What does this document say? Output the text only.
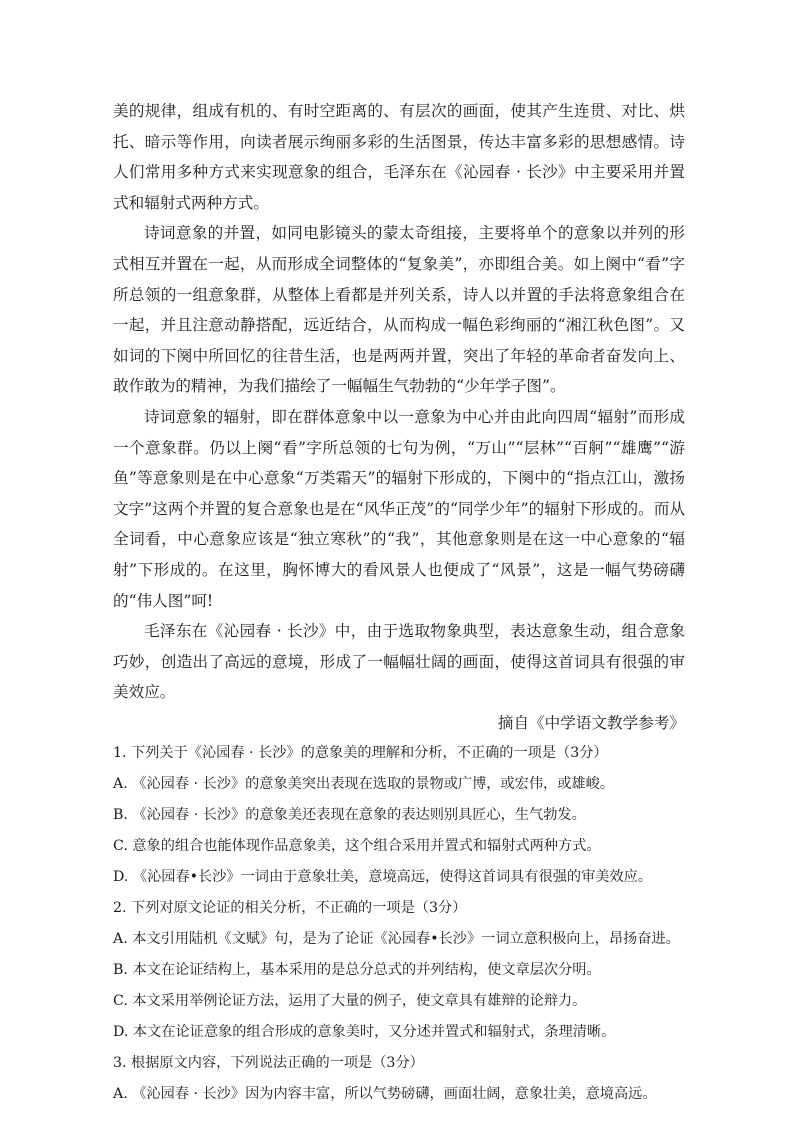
美的规律，组成有机的、有时空距离的、有层次的画面，使其产生连贯、对比、烘托、暗示等作用，向读者展示绚丽多彩的生活图景，传达丰富多彩的思想感情。诗人们常用多种方式来实现意象的组合，毛泽东在《沁园春 · 长沙》中主要采用并置式和辐射式两种方式。

诗词意象的并置，如同电影镜头的蒙太奇组接，主要将单个的意象以并列的形式相互并置在一起，从而形成全词整体的“复象美”，亦即组合美。如上阕中“看”字所总领的一组意象群，从整体上看都是并列关系，诗人以并置的手法将意象组合在一起，并且注意动静搭配，远近结合，从而构成一幅色彩绚丽的“湘江秋色图”。又如词的下阕中所回忆的往昔生活，也是两两并置，突出了年轻的革命者奋发向上、敢作敢为的精神，为我们描绘了一幅幅生气勃勃的“少年学子图”。

诗词意象的辐射，即在群体意象中以一意象为中心并由此向四周“辐射”而形成一个意象群。仍以上阕“看”字所总领的七句为例，“万山”“层林”“百舸”“雄鹰”“游鱼”等意象则是在中心意象“万类霜天”的辐射下形成的，下阕中的“指点江山，激扬文字”这两个并置的复合意象也是在“风华正茂”的“同学少年”的辐射下形成的。而从全词看，中心意象应该是“独立寒秋”的“我”，其他意象则是在这一中心意象的“辐射”下形成的。在这里，胸怀博大的看风景人也便成了“风景”，这是一幅气势磅礴的“伟人图”呵!

毛泽东在《沁园春 · 长沙》中，由于选取物象典型，表达意象生动，组合意象巧妙，创造出了高远的意境，形成了一幅幅壮阔的画面，使得这首词具有很强的审美效应。

摘自《中学语文教学参考》

1. 下列关于《沁园春 · 长沙》的意象美的理解和分析，不正确的一项是（3分）

A. 《沁园春 · 长沙》的意象美突出表现在选取的景物或广博，或宏伟，或雄峻。

B. 《沁园春 · 长沙》的意象美还表现在意象的表达则别具匠心，生气勃发。

C. 意象的组合也能体现作品意象美，这个组合采用并置式和辐射式两种方式。

D. 《沁园春•长沙》一词由于意象壮美，意境高远，使得这首词具有很强的审美效应。

2. 下列对原文论证的相关分析，不正确的一项是（3分）

A. 本文引用陆机《文赋》句，是为了论证《沁园春•长沙》一词立意积极向上，昂扬奋进。

B. 本文在论证结构上，基本采用的是总分总式的并列结构，使文章层次分明。

C. 本文采用举例论证方法，运用了大量的例子，使文章具有雄辩的论辩力。

D. 本文在论证意象的组合形成的意象美时，又分述并置式和辐射式，条理清晰。

3. 根据原文内容，下列说法正确的一项是（3分）

A. 《沁园春 · 长沙》因为内容丰富，所以气势磅礴，画面壮阔，意象壮美，意境高远。
